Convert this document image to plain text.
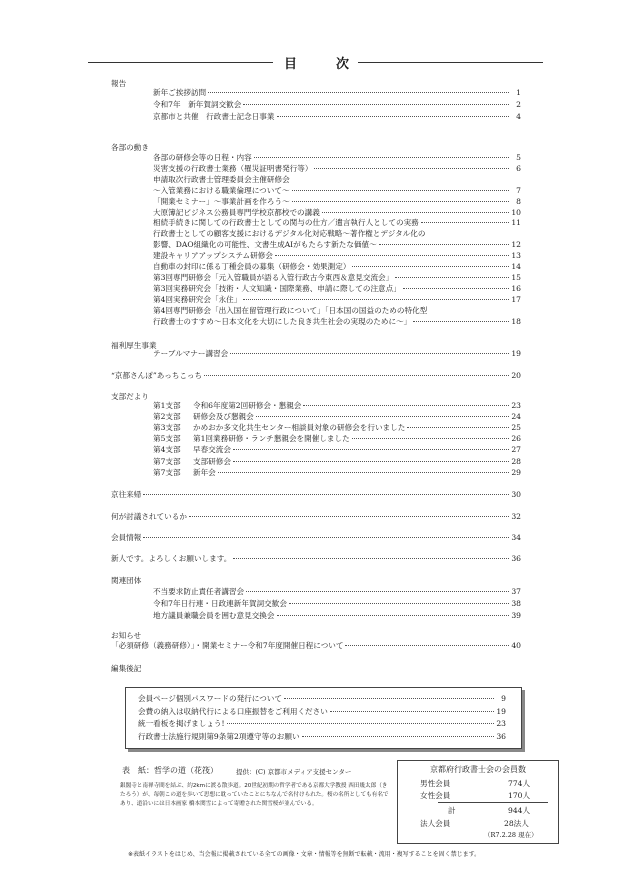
目	次
報告
新年ご挨拶訪問	1
令和7年　新年賀詞交歓会	2
京都市と共催　行政書士記念日事業	4
各部の動き
各部の研修会等の日程・内容	5
災害支援の行政書士業務（罹災証明書発行等）	6
申請取次行政書士管理委員会主催研修会
～入管業務における職業倫理について～	7
「開業セミナー」～事業計画を作ろう～	8
大原簿記ビジネス公務員専門学校京都校での講義	10
相続手続きに関しての行政書士としての関与の仕方／遺言執行人としての実務	11
行政書士としての顧客支援におけるデジタル化対応戦略～著作権とデジタル化の
影響、DAO組織化の可能性、文書生成AIがもたらす新たな価値～	12
建設キャリアアップシステム研修会	13
自動車の封印に係る丁種会員の募集（研修会・効果測定）	14
第3回専門研修会「元入管職員が語る入管行政古今東西＆意見交流会」	15
第3回実務研究会「技術・人文知識・国際業務、申請に際しての注意点」	16
第4回実務研究会「永住」	17
第4回専門研修会「出入国在留管理行政について」「日本国の国益のための特化型
行政書士のすすめ～日本文化を大切にした良き共生社会の実現のために～」	18
福利厚生事業
テーブルマナー講習会	19
“京都さんぽ”あっちこっち	20
支部だより
第1支部	令和6年度第2回研修会・懇親会	23
第2支部	研修会及び懇親会	24
第3支部	かめおか多文化共生センター相談員対象の研修会を行いました	25
第5支部	第1回業務研修・ランチ懇親会を開催しました	26
第4支部	早春交流会	27
第7支部	支部研修会	28
第7支部	新年会	29
京往来帰	30
何が討議されているか	32
会員情報	34
新人です。よろしくお願いします。	36
関連団体
不当要求防止責任者講習会	37
令和7年日行連・日政連新年賀詞交歓会	38
地方議員兼職会員を囲む意見交換会	39
お知らせ
「必須研修（義務研修）」・開業セミナー令和7年度開催日程について	40
編集後記
会員ページ個別パスワードの発行について	9
会費の納入は収納代行による口座振替をご利用ください	19
統一看板を掲げましょう!	23
行政書士法施行規則第9条第2項遵守等のお願い	36
表　紙：哲学の道（花筏）	提供：(C) 京都市メディア支援センター
銀閣寺と南禅寺間を結ぶ、約2kmに渡る散歩道。20世紀初期の哲学者である京都大学教授 西田幾太郎（きたろう）が、毎朝この道を歩いて思想に耽っていたことにちなんで名付けられた。桜の名所としても有名であり、道沿いには日本画家 橋本関雪によって寄贈された関雪桜が並んでいる。
京都府行政書士会の会員数
男性会員	774人
女性会員	170人
計	944人
法人会員	28法人
（R7.2.28 現在）
※表紙イラストをはじめ、当会報に掲載されている全ての画像・文章・情報等を無断で転載・流用・複写することを固く禁じます。
